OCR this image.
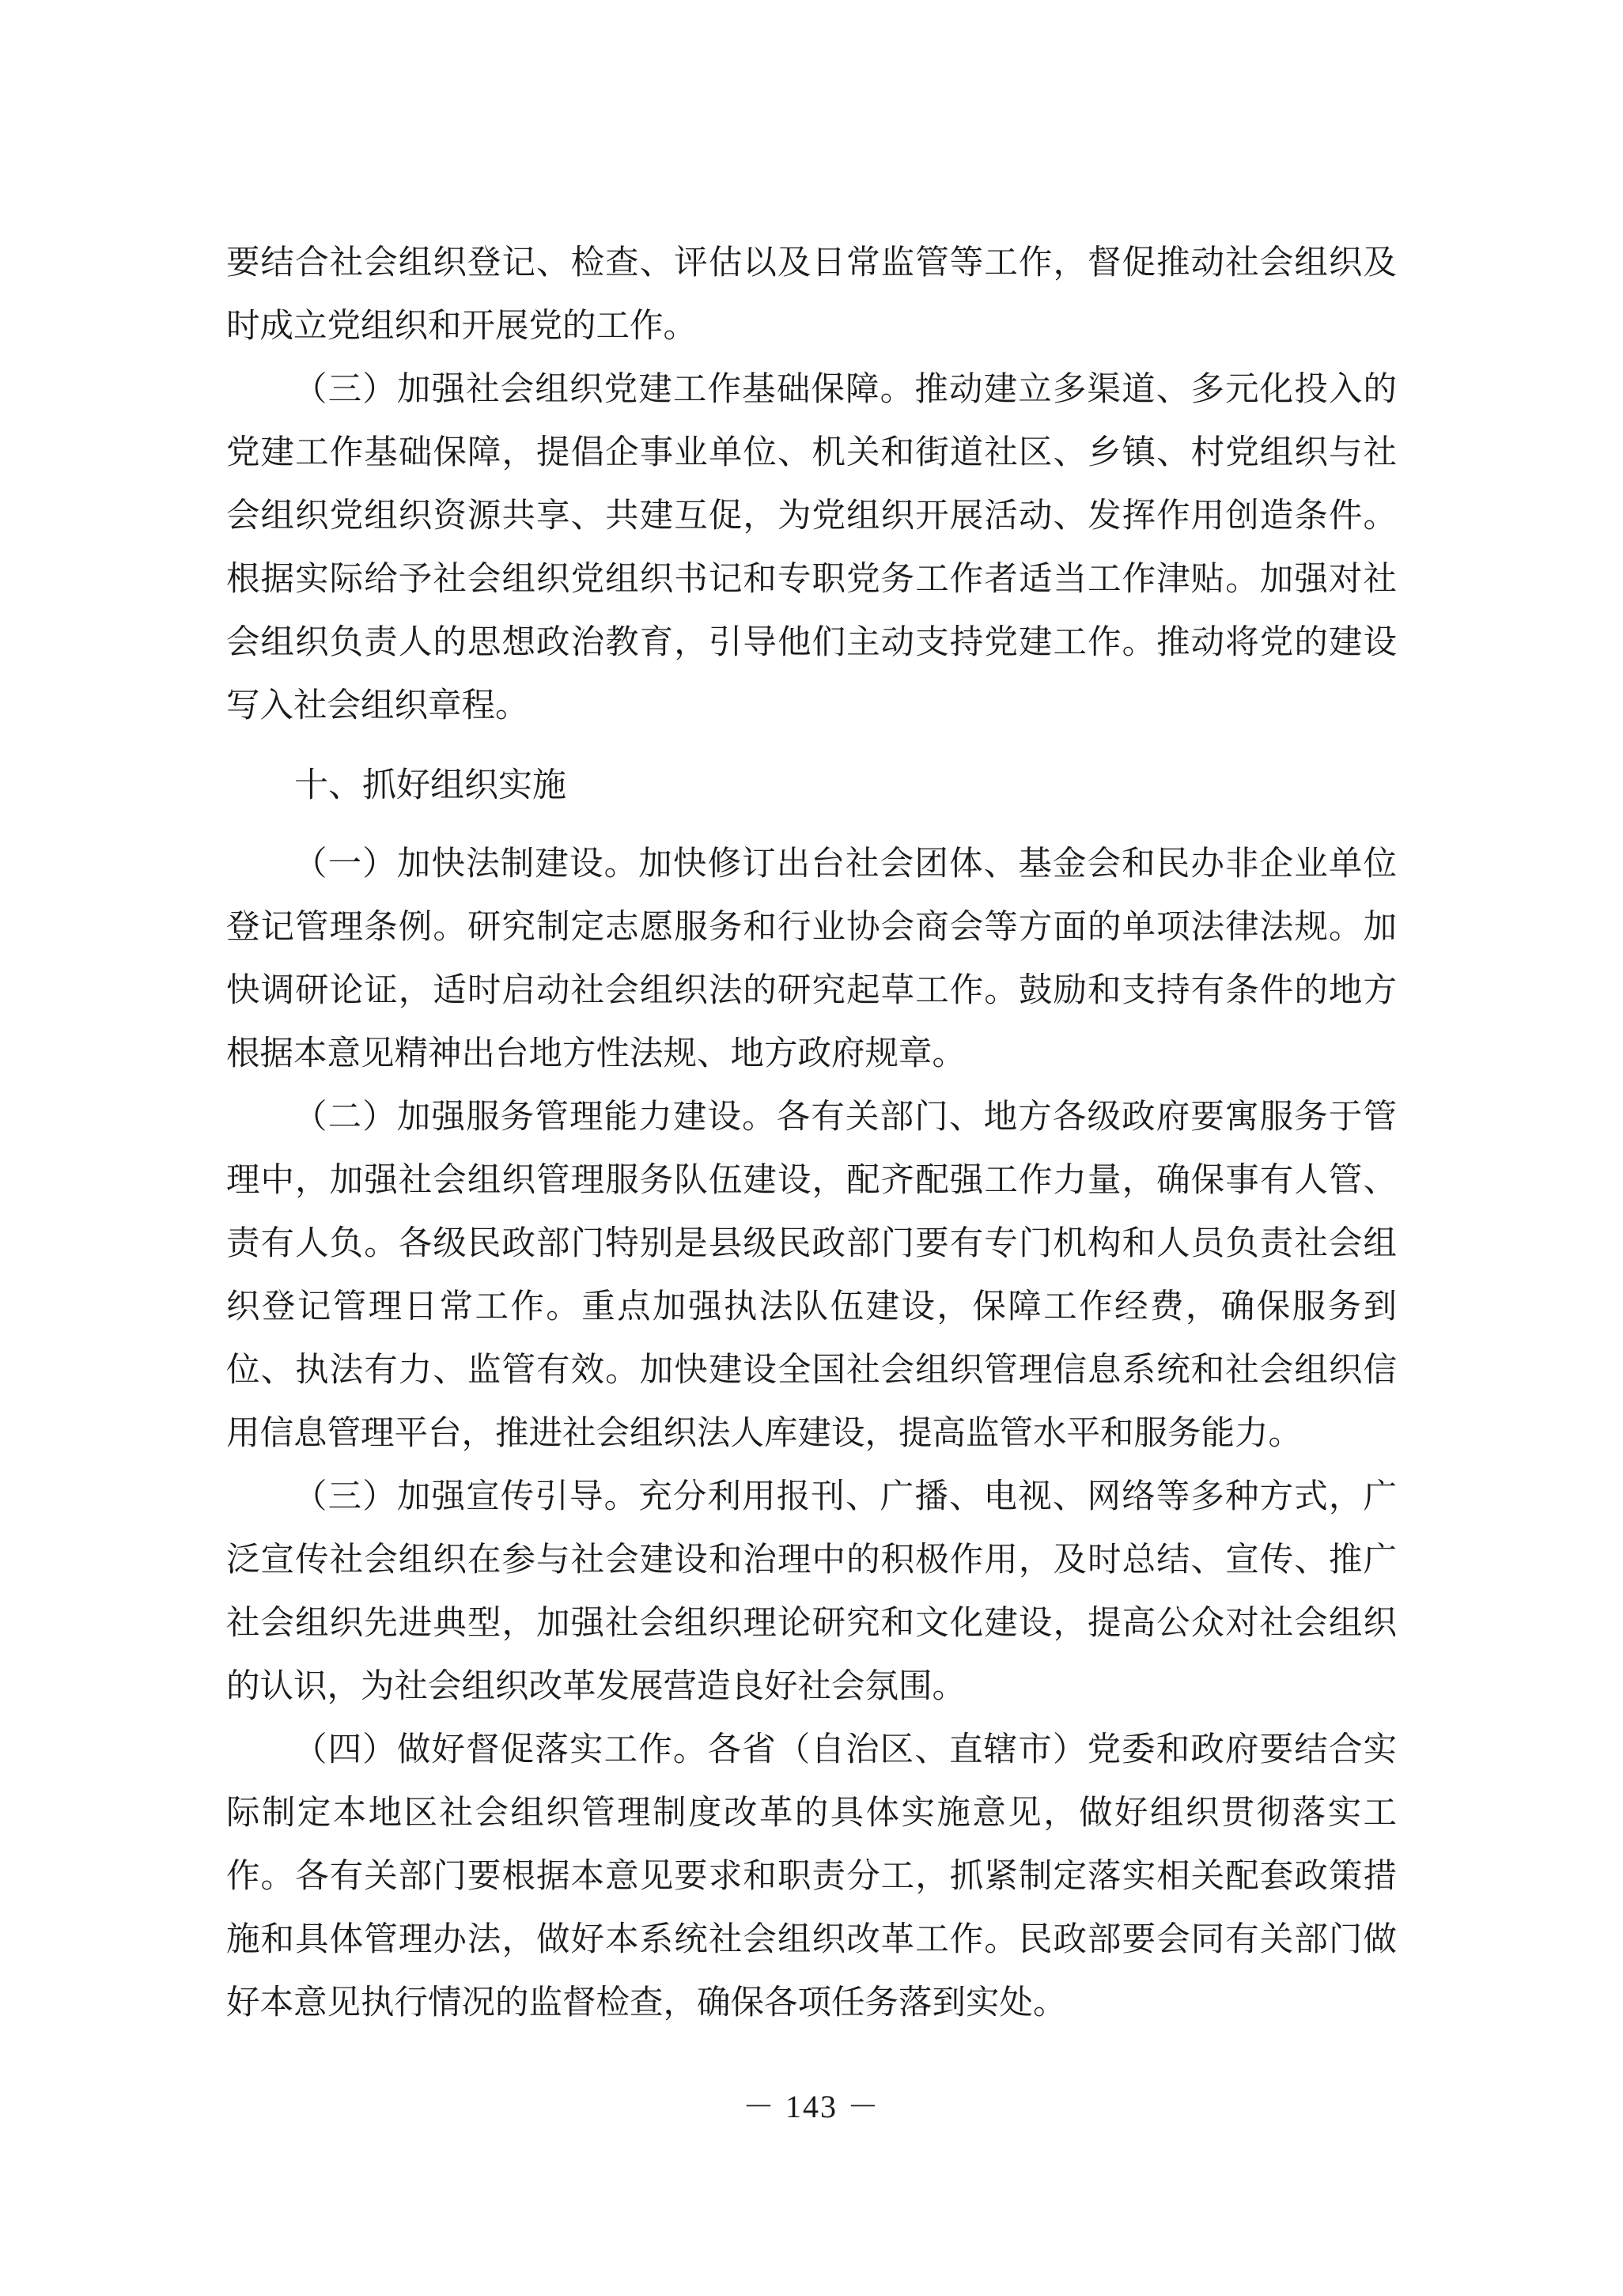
要结合社会组织登记、检查、评估以及日常监管等工作，督促推动社会组织及时成立党组织和开展党的工作。

（三）加强社会组织党建工作基础保障。推动建立多渠道、多元化投入的党建工作基础保障，提倡企事业单位、机关和街道社区、乡镇、村党组织与社会组织党组织资源共享、共建互促，为党组织开展活动、发挥作用创造条件。根据实际给予社会组织党组织书记和专职党务工作者适当工作津贴。加强对社会组织负责人的思想政治教育，引导他们主动支持党建工作。推动将党的建设写入社会组织章程。

十、抓好组织实施

（一）加快法制建设。加快修订出台社会团体、基金会和民办非企业单位登记管理条例。研究制定志愿服务和行业协会商会等方面的单项法律法规。加快调研论证，适时启动社会组织法的研究起草工作。鼓励和支持有条件的地方根据本意见精神出台地方性法规、地方政府规章。

（二）加强服务管理能力建设。各有关部门、地方各级政府要寓服务于管理中，加强社会组织管理服务队伍建设，配齐配强工作力量，确保事有人管、责有人负。各级民政部门特别是县级民政部门要有专门机构和人员负责社会组织登记管理日常工作。重点加强执法队伍建设，保障工作经费，确保服务到位、执法有力、监管有效。加快建设全国社会组织管理信息系统和社会组织信用信息管理平台，推进社会组织法人库建设，提高监管水平和服务能力。

（三）加强宣传引导。充分利用报刊、广播、电视、网络等多种方式，广泛宣传社会组织在参与社会建设和治理中的积极作用，及时总结、宣传、推广社会组织先进典型，加强社会组织理论研究和文化建设，提高公众对社会组织的认识，为社会组织改革发展营造良好社会氛围。

（四）做好督促落实工作。各省（自治区、直辖市）党委和政府要结合实际制定本地区社会组织管理制度改革的具体实施意见，做好组织贯彻落实工作。各有关部门要根据本意见要求和职责分工，抓紧制定落实相关配套政策措施和具体管理办法，做好本系统社会组织改革工作。民政部要会同有关部门做好本意见执行情况的监督检查，确保各项任务落到实处。

－ 143 －
